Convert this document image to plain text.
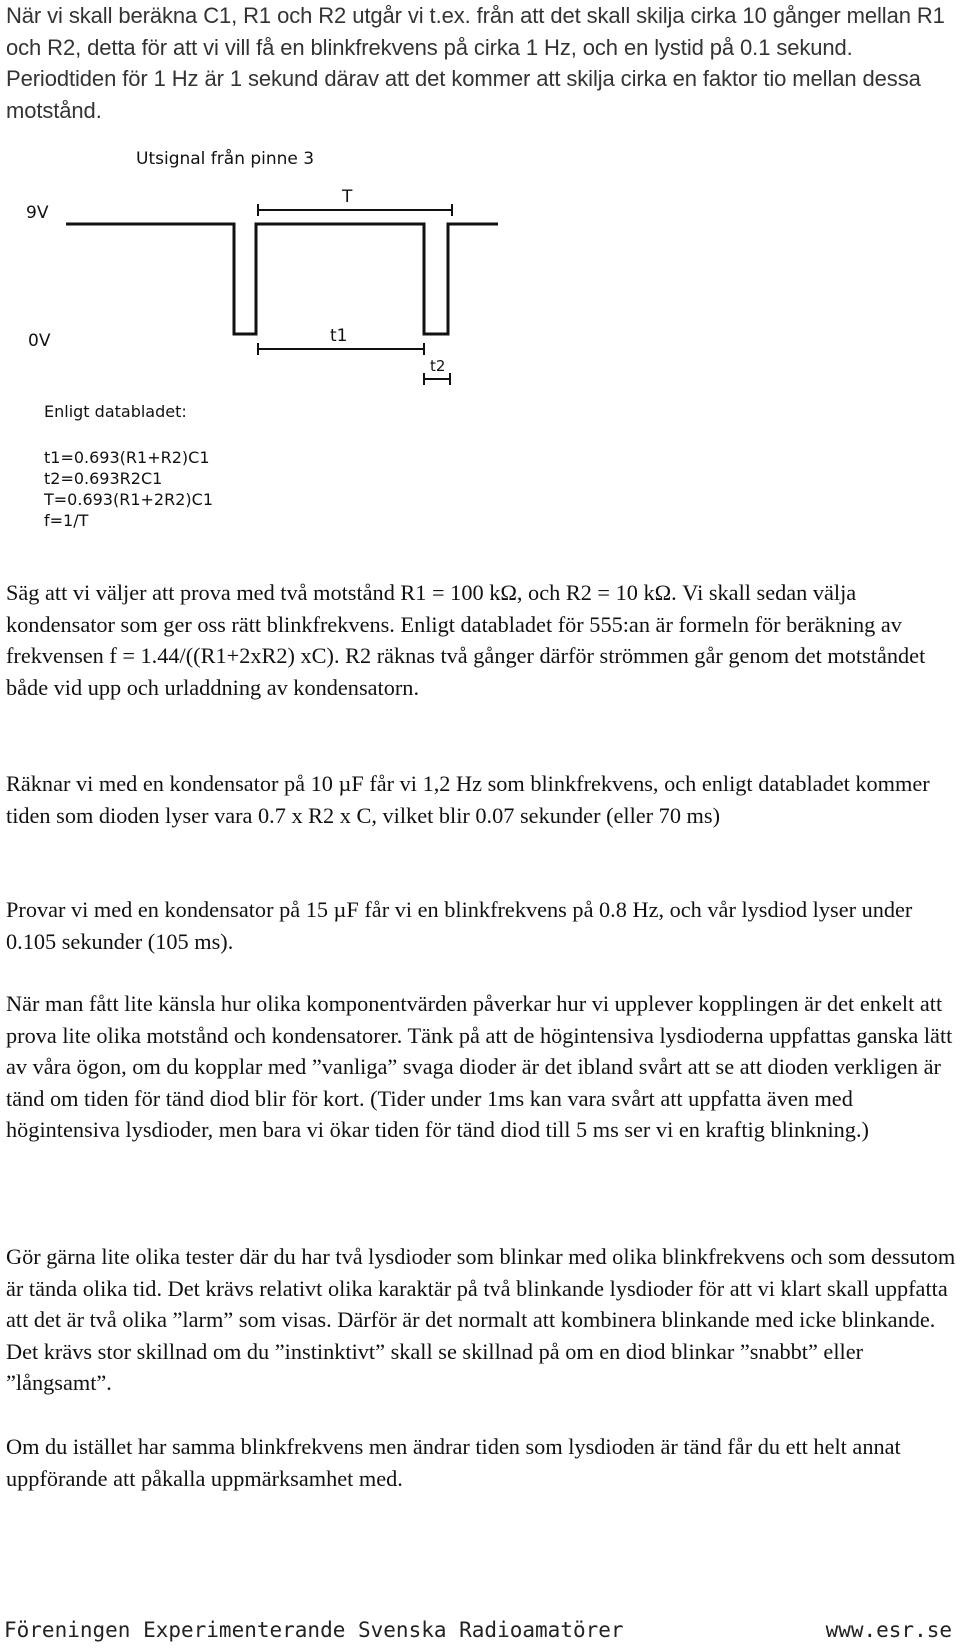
När vi skall beräkna C1, R1 och R2 utgår vi t.ex. från att det skall skilja cirka 10 gånger mellan R1 och R2, detta för att vi vill få en blinkfrekvens på cirka 1 Hz, och en lystid på 0.1 sekund. Periodtiden för 1 Hz är 1 sekund därav att det kommer att skilja cirka en faktor tio mellan dessa motstånd.

Utsignal från pinne 3
9V
0V
T
t1
t2
Enligt databladet:
t1=0.693(R1+R2)C1
t2=0.693R2C1
T=0.693(R1+2R2)C1
f=1/T

Säg att vi väljer att prova med två motstånd R1 = 100 kΩ, och R2 = 10 kΩ. Vi skall sedan välja kondensator som ger oss rätt blinkfrekvens. Enligt databladet för 555:an är formeln för beräkning av frekvensen f = 1.44/((R1+2xR2) xC). R2 räknas två gånger därför strömmen går genom det motståndet både vid upp och urladdning av kondensatorn.

Räknar vi med en kondensator på 10 µF får vi 1,2 Hz som blinkfrekvens, och enligt databladet kommer tiden som dioden lyser vara 0.7 x R2 x C, vilket blir 0.07 sekunder (eller 70 ms)

Provar vi med en kondensator på 15 µF får vi en blinkfrekvens på 0.8 Hz, och vår lysdiod lyser under 0.105 sekunder (105 ms).

När man fått lite känsla hur olika komponentvärden påverkar hur vi upplever kopplingen är det enkelt att prova lite olika motstånd och kondensatorer. Tänk på att de högintensiva lysdioderna uppfattas ganska lätt av våra ögon, om du kopplar med ”vanliga” svaga dioder är det ibland svårt att se att dioden verkligen är tänd om tiden för tänd diod blir för kort. (Tider under 1ms kan vara svårt att uppfatta även med högintensiva lysdioder, men bara vi ökar tiden för tänd diod till 5 ms ser vi en kraftig blinkning.)

Gör gärna lite olika tester där du har två lysdioder som blinkar med olika blinkfrekvens och som dessutom är tända olika tid. Det krävs relativt olika karaktär på två blinkande lysdioder för att vi klart skall uppfatta att det är två olika ”larm” som visas. Därför är det normalt att kombinera blinkande med icke blinkande. Det krävs stor skillnad om du ”instinktivt” skall se skillnad på om en diod blinkar ”snabbt” eller ”långsamt”.

Om du istället har samma blinkfrekvens men ändrar tiden som lysdioden är tänd får du ett helt annat uppförande att påkalla uppmärksamhet med.

Föreningen Experimenterande Svenska Radioamatörer	www.esr.se
